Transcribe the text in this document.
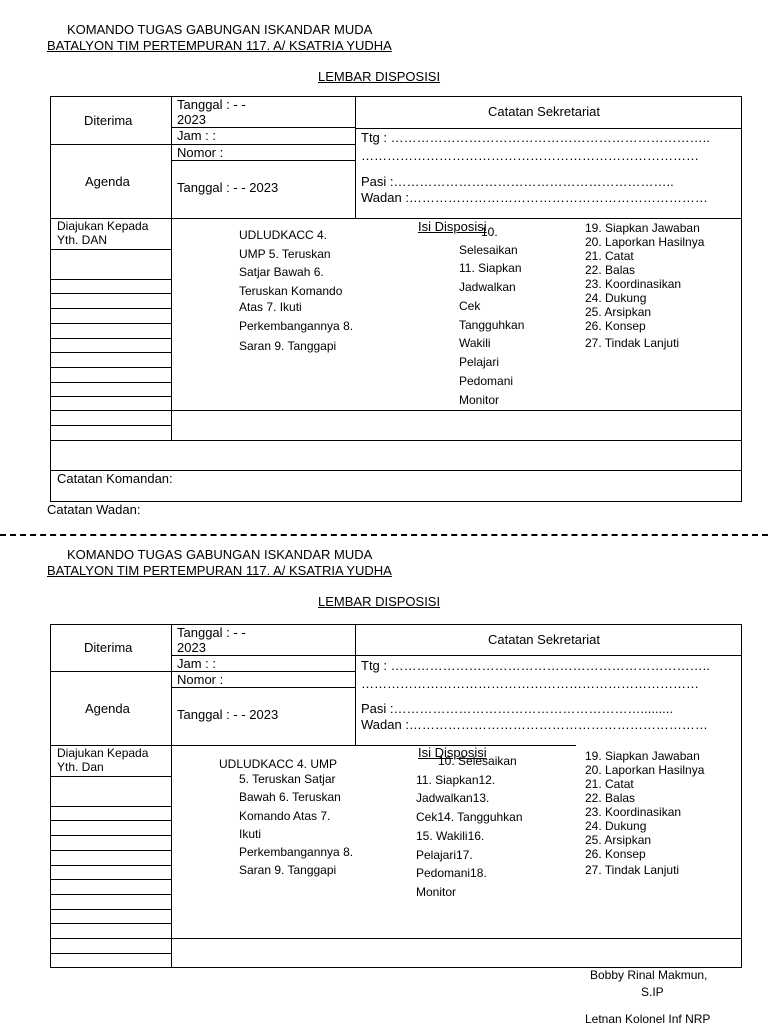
KOMANDO TUGAS GABUNGAN ISKANDAR MUDA
BATALYON TIM PERTEMPURAN 117. A/ KSATRIA YUDHA
LEMBAR DISPOSISI
Diterima
Tanggal : - -
2023
Jam : :
Nomor :
Agenda	Tanggal : - - 2023
Catatan Sekretariat
Ttg : ………………………………………………………………..
……………………………………………………………………
Pasi :………………………………………………………..
Wadan :……………………………………………………………
Diajukan Kepada
Yth. DAN
Isi Disposisi
10.
UDLUDKACC 4.
UMP 5. Teruskan
Satjar Bawah 6.
Teruskan Komando
Atas 7. Ikuti
Perkembangannya 8.
Saran 9. Tanggapi
Selesaikan
11. Siapkan
Jadwalkan
Cek
Tangguhkan
Wakili
Pelajari
Pedomani
Monitor
19. Siapkan Jawaban
20. Laporkan Hasilnya
21. Catat
22. Balas
23. Koordinasikan
24. Dukung
25. Arsipkan
26. Konsep
27. Tindak Lanjuti
Catatan Komandan:
Catatan Wadan:
KOMANDO TUGAS GABUNGAN ISKANDAR MUDA
BATALYON TIM PERTEMPURAN 117. A/ KSATRIA YUDHA
LEMBAR DISPOSISI
Diterima
Tanggal : - -
2023
Jam : :
Nomor :
Agenda	Tanggal : - - 2023
Catatan Sekretariat
Ttg : ………………………………………………………………..
……………………………………………………………………
Pasi :………………………………………………….........
Wadan :……………………………………………………………
Diajukan Kepada
Yth. Dan
Isi Disposisi
10. Selesaikan
UDLUDKACC 4. UMP
5. Teruskan Satjar
Bawah 6. Teruskan
Komando Atas 7.
Ikuti
Perkembangannya 8.
Saran 9. Tanggapi
11. Siapkan12.
Jadwalkan13.
Cek14. Tangguhkan
15. Wakili16.
Pelajari17.
Pedomani18.
Monitor
19. Siapkan Jawaban
20. Laporkan Hasilnya
21. Catat
22. Balas
23. Koordinasikan
24. Dukung
25. Arsipkan
26. Konsep
27. Tindak Lanjuti
Bobby Rinal Makmun,
S.IP
Letnan Kolonel Inf NRP
